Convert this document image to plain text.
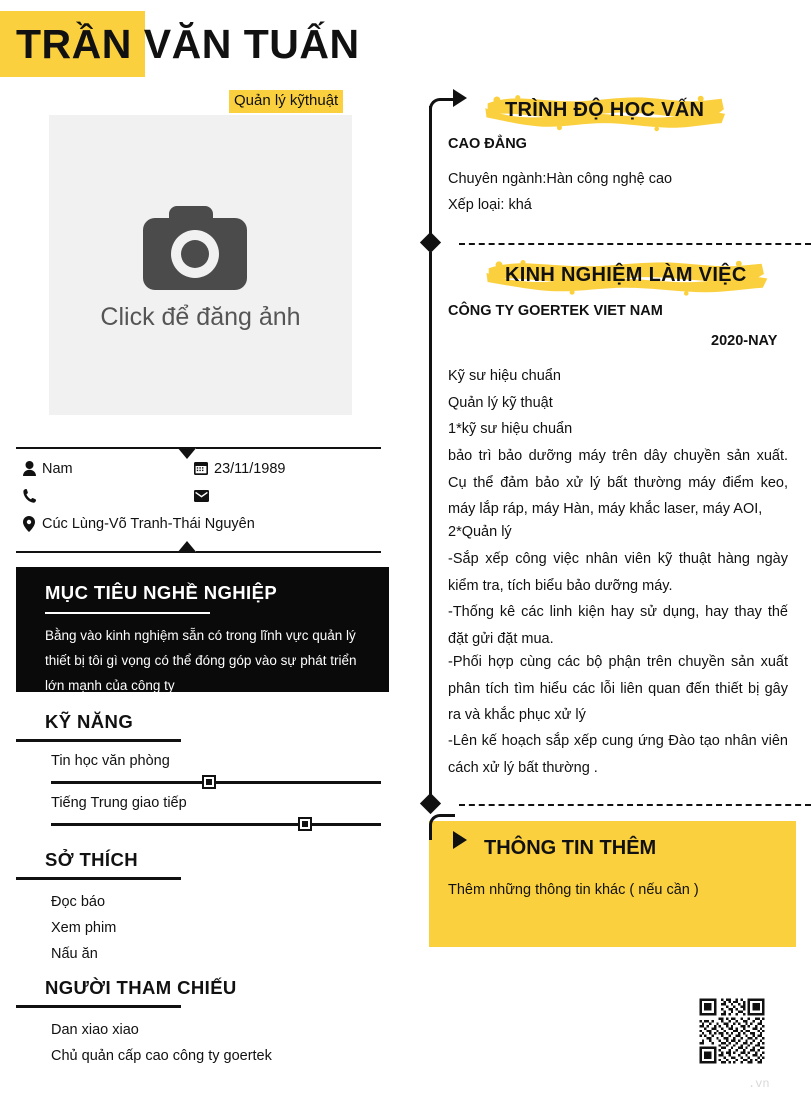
TRẦN VĂN TUẤN
Quản lý kỹthuật
Click để đăng ảnh
Nam	23/11/1989
Cúc Lùng-Võ Tranh-Thái Nguyên
MỤC TIÊU NGHỀ NGHIỆP
Bằng vào kinh nghiệm sẵn có trong lĩnh vực quản lý thiết bị tôi gì vọng có thể đóng góp vào sự phát triển lớn mạnh của công ty
KỸ NĂNG
Tin học văn phòng
Tiếng Trung giao tiếp
SỞ THÍCH
Đọc báo
Xem phim
Nấu ăn
NGƯỜI THAM CHIẾU
Dan xiao xiao
Chủ quản cấp cao công ty goertek
TRÌNH ĐỘ HỌC VẤN
CAO ĐẲNG
Chuyên ngành:Hàn công nghệ cao
Xếp loại: khá
KINH NGHIỆM LÀM VIỆC
CÔNG TY GOERTEK VIET NAM
2020-NAY
Kỹ sư hiệu chuẩn
Quản lý kỹ thuật
1*kỹ sư hiệu chuẩn
bảo trì bảo dưỡng máy trên dây chuyền sản xuất. Cụ thể đảm bảo xử lý bất thường máy điểm keo, máy lắp ráp, máy Hàn, máy khắc laser, máy AOI,
2*Quản lý
-Sắp xếp công việc nhân viên kỹ thuật hàng ngày kiểm tra, tích biểu bảo dưỡng máy.
-Thống kê các linh kiện hay sử dụng, hay thay thế đặt gửi đặt mua.
-Phối hợp cùng các bộ phận trên chuyền sản xuất phân tích tìm hiểu các lỗi liên quan đến thiết bị gây ra và khắc phục xử lý
-Lên kế hoạch sắp xếp cung ứng Đào tạo nhân viên cách xử lý bất thường .
THÔNG TIN THÊM
Thêm những thông tin khác ( nếu cần )
.vn
